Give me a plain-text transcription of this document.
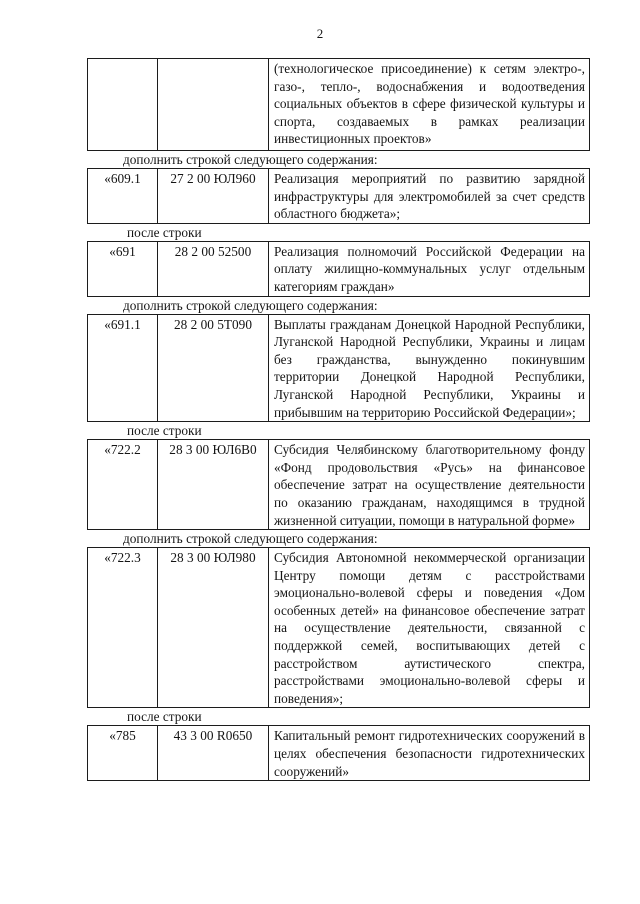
2
		(технологическое присоединение) к сетям электро-, газо-, тепло-, водоснабжения и водоотведения социальных объектов в сфере физической культуры и спорта, создаваемых в рамках реализации инвестиционных проектов»
дополнить строкой следующего содержания:
«609.1	27 2 00 ЮЛ960	Реализация мероприятий по развитию зарядной инфраструктуры для электромобилей за счет средств областного бюджета»;
после строки
«691	28 2 00 52500	Реализация полномочий Российской Федерации на оплату жилищно-коммунальных услуг отдельным категориям граждан»
дополнить строкой следующего содержания:
«691.1	28 2 00 5Т090	Выплаты гражданам Донецкой Народной Республики, Луганской Народной Республики, Украины и лицам без гражданства, вынужденно покинувшим территории Донецкой Народной Республики, Луганской Народной Республики, Украины и прибывшим на территорию Российской Федерации»;
после строки
«722.2	28 3 00 ЮЛ6В0	Субсидия Челябинскому благотворительному фонду «Фонд продовольствия «Русь» на финансовое обеспечение затрат на осуществление деятельности по оказанию гражданам, находящимся в трудной жизненной ситуации, помощи в натуральной форме»
дополнить строкой следующего содержания:
«722.3	28 3 00 ЮЛ980	Субсидия Автономной некоммерческой организации Центру помощи детям с расстройствами эмоционально-волевой сферы и поведения «Дом особенных детей» на финансовое обеспечение затрат на осуществление деятельности, связанной с поддержкой семей, воспитывающих детей с расстройством аутистического спектра, расстройствами эмоционально-волевой сферы и поведения»;
после строки
«785	43 3 00 R0650	Капитальный ремонт гидротехнических сооружений в целях обеспечения безопасности гидротехнических сооружений»
